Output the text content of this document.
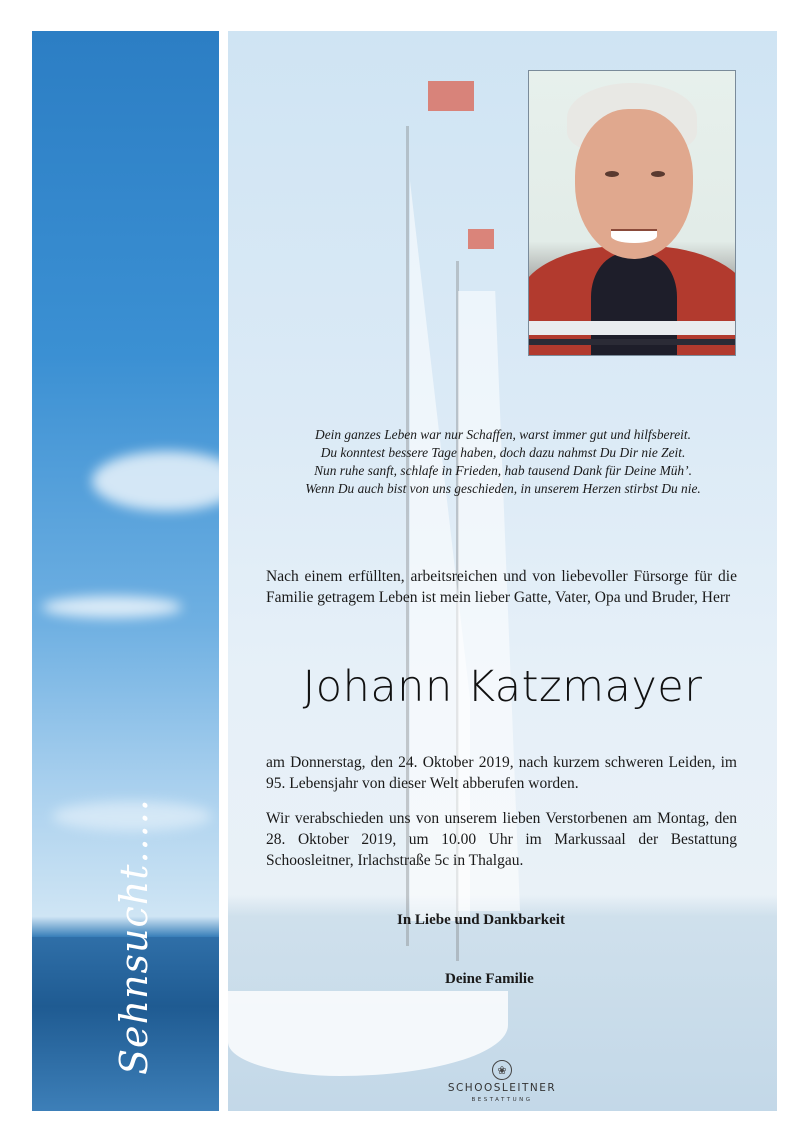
Sehnsucht.....
Dein ganzes Leben war nur Schaffen, warst immer gut und hilfsbereit.
Du konntest bessere Tage haben, doch dazu nahmst Du Dir nie Zeit.
Nun ruhe sanft, schlafe in Frieden, hab tausend Dank für Deine Müh’.
Wenn Du auch bist von uns geschieden, in unserem Herzen stirbst Du nie.
Nach einem erfüllten, arbeitsreichen und von liebevoller Fürsorge für die Familie getragem Leben ist mein lieber Gatte, Vater, Opa und Bruder, Herr
Johann Katzmayer
am Donnerstag, den 24. Oktober 2019, nach kurzem schweren Leiden, im 95. Lebensjahr von dieser Welt abberufen worden.
Wir verabschieden uns von unserem lieben Verstorbenen am Montag, den 28. Oktober 2019, um 10.00 Uhr im Markussaal der Bestattung Schoosleitner, Irlachstraße 5c in Thalgau.
In Liebe und Dankbarkeit
Deine Familie
❀
SCHOOSLEITNER
BESTATTUNG
